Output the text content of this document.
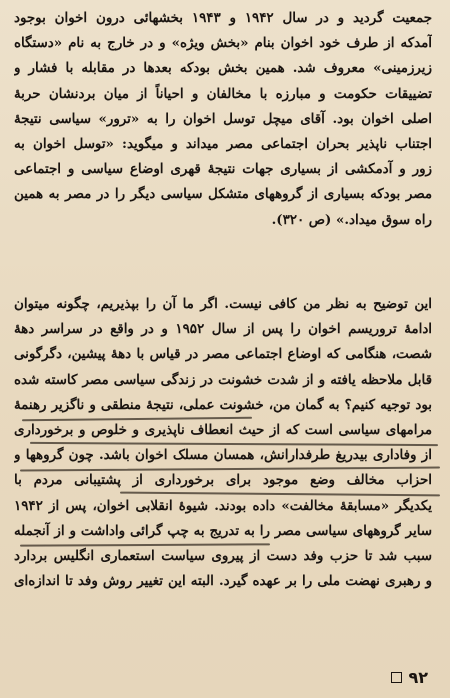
جمعیت گردید و در سال ۱۹۴۲ و ۱۹۴۳ بخشهائی درون اخوان بوجود
آمدکه از طرف خود اخوان بنام «بخش ویژه» و در خارج به نام «دستگاه
زیرزمینی» معروف شد. همین بخش بودکه بعدها در مقابله با فشار و
تضییقات حکومت و مبارزه با مخالفان و احیاناً از میان بردنشان حربهٔ
اصلی اخوان بود. آقای میچل توسل اخوان را به «ترور» سیاسی نتیجهٔ
اجتناب ناپذیر بحران اجتماعی مصر میداند و میگوید: «توسل اخوان به
زور و آدمکشی از بسیاری جهات نتیجهٔ قهری اوضاع سیاسی و اجتماعی
مصر بودکه بسیاری از گروههای متشکل سیاسی دیگر را در مصر به همین
راه سوق میداد.» (ص ۳۲۰).
این توضیح به نظر من کافی نیست. اگر ما آن را بپذیریم، چگونه میتوان
ادامهٔ تروریسم اخوان را پس از سال ۱۹۵۲ و در واقع در سراسر دههٔ
شصت، هنگامی که اوضاع اجتماعی مصر در قیاس با دههٔ پیشین، دگرگونی
قابل ملاحظه یافته و از شدت خشونت در زندگی سیاسی مصر کاسته شده
بود توجیه کنیم؟ به گمان من، خشونت عملی، نتیجهٔ منطقی و ناگزیر رهنمهٔ
مرامهای سیاسی است که از حیث انعطاف ناپذیری و خلوص و برخورداری
از وفاداری بیدریغ طرفدارانش، همسان مسلک اخوان باشد. چون گروهها و
احزاب مخالف وضع موجود برای برخورداری از پشتیبانی مردم با
یکدیگر «مسابقهٔ مخالفت» داده بودند. شیوهٔ انقلابی اخوان، پس از ۱۹۴۲
سایر گروههای سیاسی مصر را به تدریج به چپ گرائی واداشت و از آنجمله
سبب شد تا حزب وفد دست از پیروی سیاست استعماری انگلیس بردارد
و رهبری نهضت ملی را بر عهده گیرد. البته این تغییر روش وفد تا اندازه‌ای
۹۲
